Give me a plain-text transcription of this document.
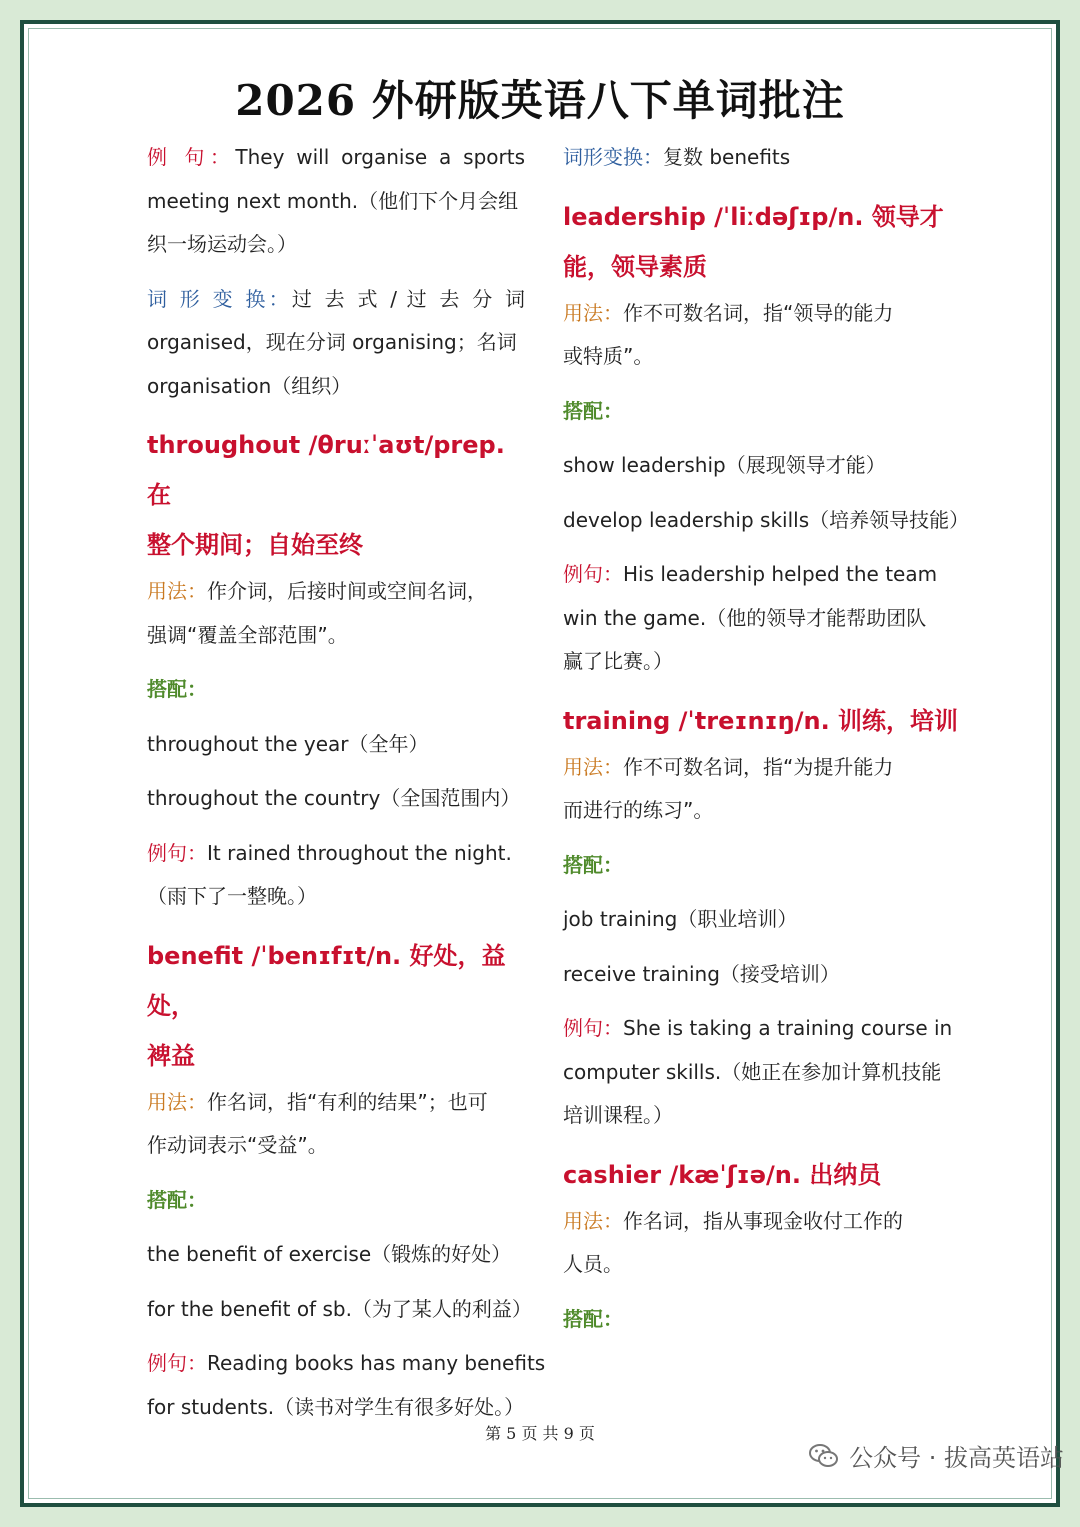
2026 外研版英语八下单词批注
例 句：They will organise a sports
meeting next month.（他们下个月会组
织一场运动会。）
词 形 变 换：过 去 式 / 过 去 分 词
organised，现在分词 organising；名词
organisation（组织）
throughout /θruːˈaʊt/prep. 在
整个期间；自始至终
用法：作介词，后接时间或空间名词，
强调“覆盖全部范围”。
搭配：
throughout the year（全年）
throughout the country（全国范围内）
例句：It rained throughout the night.
（雨下了一整晚。）
benefit /ˈbenɪfɪt/n. 好处，益处，
裨益
用法：作名词，指“有利的结果”；也可
作动词表示“受益”。
搭配：
the benefit of exercise（锻炼的好处）
for the benefit of sb.（为了某人的利益）
例句：Reading books has many benefits
for students.（读书对学生有很多好处。）
词形变换：复数 benefits
leadership /ˈliːdəʃɪp/n. 领导才
能，领导素质
用法：作不可数名词，指“领导的能力
或特质”。
搭配：
show leadership（展现领导才能）
develop leadership skills（培养领导技能）
例句：His leadership helped the team
win the game.（他的领导才能帮助团队
赢了比赛。）
training /ˈtreɪnɪŋ/n. 训练，培训
用法：作不可数名词，指“为提升能力
而进行的练习”。
搭配：
job training（职业培训）
receive training（接受培训）
例句：She is taking a training course in
computer skills.（她正在参加计算机技能
培训课程。）
cashier /kæˈʃɪə/n. 出纳员
用法：作名词，指从事现金收付工作的
人员。
搭配：
第 5 页 共 9 页
公众号 · 拔高英语站
